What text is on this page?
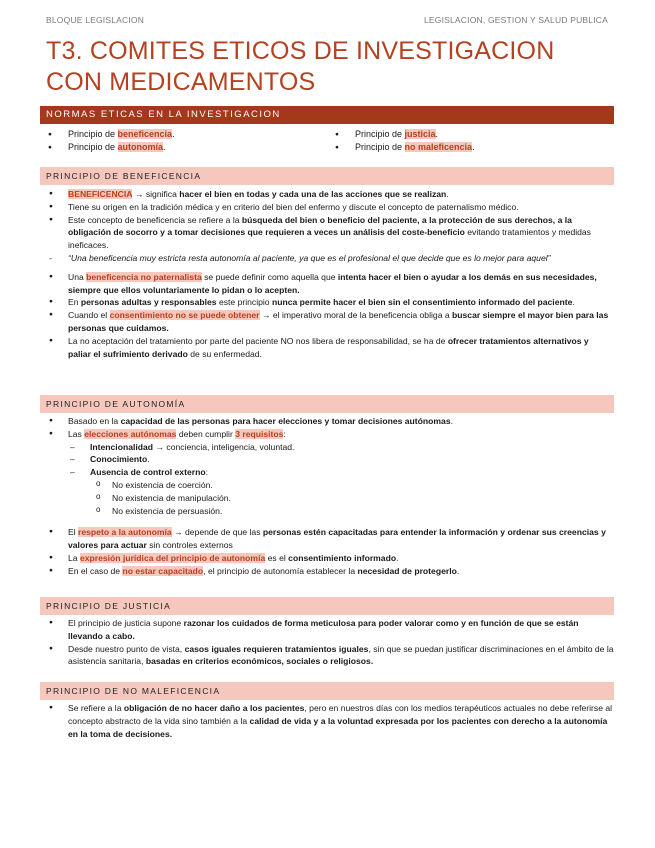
BLOQUE LEGISLACION	LEGISLACION, GESTION Y SALUD PUBLICA
T3. COMITES ETICOS DE INVESTIGACION CON MEDICAMENTOS
NORMAS ETICAS EN LA INVESTIGACION
● Principio de beneficencia.
● Principio de autonomía.
● Principio de justicia.
● Principio de no maleficencia.
PRINCIPIO DE BENEFICENCIA
● BENEFICENCIA → significa hacer el bien en todas y cada una de las acciones que se realizan.
● Tiene su origen en la tradición médica y en criterio del bien del enfermo y discute el concepto de paternalismo médico.
● Este concepto de beneficencia se refiere a la búsqueda del bien o beneficio del paciente, a la protección de sus derechos, a la obligación de socorro y a tomar decisiones que requieren a veces un análisis del coste-beneficio evitando tratamientos y medidas ineficaces.
- “Una beneficencia muy estricta resta autonomía al paciente, ya que es el profesional el que decide que es lo mejor para aquel”
● Una beneficencia no paternalista se puede definir como aquella que intenta hacer el bien o ayudar a los demás en sus necesidades, siempre que ellos voluntariamente lo pidan o lo acepten.
● En personas adultas y responsables este principio nunca permite hacer el bien sin el consentimiento informado del paciente.
● Cuando el consentimiento no se puede obtener → el imperativo moral de la beneficencia obliga a buscar siempre el mayor bien para las personas que cuidamos.
● La no aceptación del tratamiento por parte del paciente NO nos libera de responsabilidad, se ha de ofrecer tratamientos alternativos y paliar el sufrimiento derivado de su enfermedad.
PRINCIPIO DE AUTONOMÍA
● Basado en la capacidad de las personas para hacer elecciones y tomar decisiones autónomas.
● Las elecciones autónomas deben cumplir 3 requisitos:
– Intencionalidad → conciencia, inteligencia, voluntad.
– Conocimiento.
– Ausencia de control externo:
o No existencia de coerción.
o No existencia de manipulación.
o No existencia de persuasión.
● El respeto a la autonomía → depende de que las personas estén capacitadas para entender la información y ordenar sus creencias y valores para actuar sin controles externos
● La expresión jurídica del principio de autonomía es el consentimiento informado.
● En el caso de no estar capacitado, el principio de autonomía establecer la necesidad de protegerlo.
PRINCIPIO DE JUSTICIA
● El principio de justicia supone razonar los cuidados de forma meticulosa para poder valorar como y en función de que se están llevando a cabo.
● Desde nuestro punto de vista, casos iguales requieren tratamientos iguales, sin que se puedan justificar discriminaciones en el ámbito de la asistencia sanitaria, basadas en criterios económicos, sociales o religiosos.
PRINCIPIO DE NO MALEFICENCIA
● Se refiere a la obligación de no hacer daño a los pacientes, pero en nuestros días con los medios terapéuticos actuales no debe referirse al concepto abstracto de la vida sino también a la calidad de vida y a la voluntad expresada por los pacientes con derecho a la autonomía en la toma de decisiones.
